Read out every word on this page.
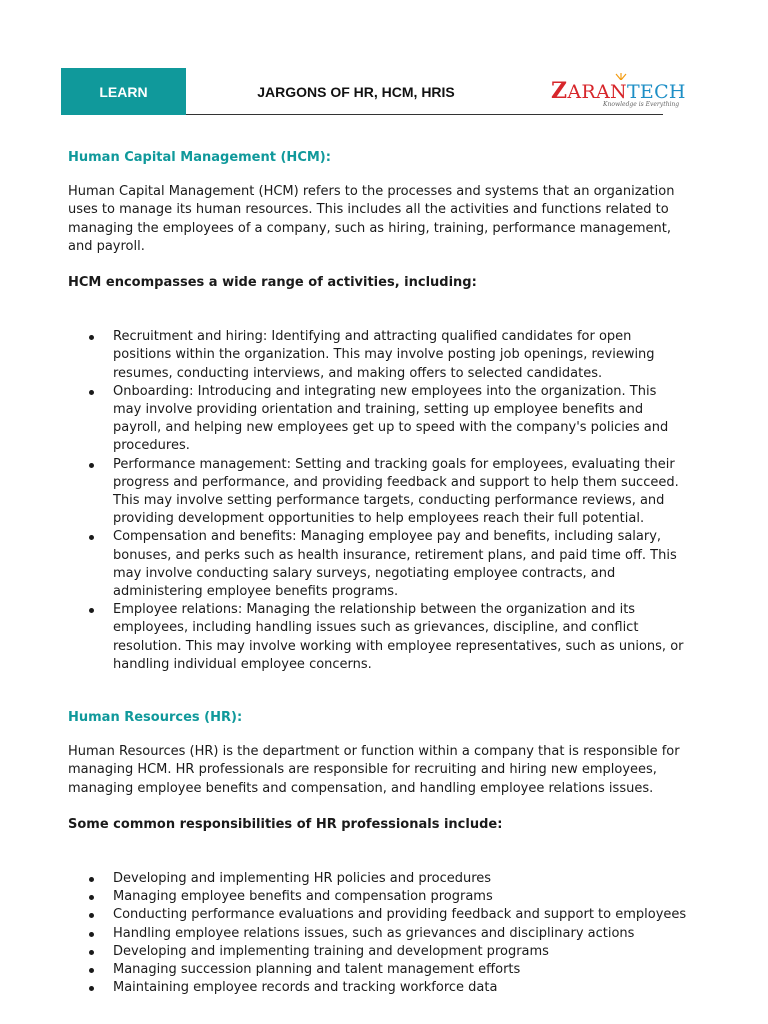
LEARN	JARGONS OF HR, HCM, HRIS	ZARANTECH
Knowledge is Everything
Human Capital Management (HCM):

Human Capital Management (HCM) refers to the processes and systems that an organization uses to manage its human resources. This includes all the activities and functions related to managing the employees of a company, such as hiring, training, performance management, and payroll.

HCM encompasses a wide range of activities, including:

Recruitment and hiring: Identifying and attracting qualified candidates for open positions within the organization. This may involve posting job openings, reviewing resumes, conducting interviews, and making offers to selected candidates.
Onboarding: Introducing and integrating new employees into the organization. This may involve providing orientation and training, setting up employee benefits and payroll, and helping new employees get up to speed with the company's policies and procedures.
Performance management: Setting and tracking goals for employees, evaluating their progress and performance, and providing feedback and support to help them succeed. This may involve setting performance targets, conducting performance reviews, and providing development opportunities to help employees reach their full potential.
Compensation and benefits: Managing employee pay and benefits, including salary, bonuses, and perks such as health insurance, retirement plans, and paid time off. This may involve conducting salary surveys, negotiating employee contracts, and administering employee benefits programs.
Employee relations: Managing the relationship between the organization and its employees, including handling issues such as grievances, discipline, and conflict resolution. This may involve working with employee representatives, such as unions, or handling individual employee concerns.
Human Resources (HR):

Human Resources (HR) is the department or function within a company that is responsible for managing HCM. HR professionals are responsible for recruiting and hiring new employees, managing employee benefits and compensation, and handling employee relations issues.

Some common responsibilities of HR professionals include:

Developing and implementing HR policies and procedures
Managing employee benefits and compensation programs
Conducting performance evaluations and providing feedback and support to employees
Handling employee relations issues, such as grievances and disciplinary actions
Developing and implementing training and development programs
Managing succession planning and talent management efforts
Maintaining employee records and tracking workforce data
